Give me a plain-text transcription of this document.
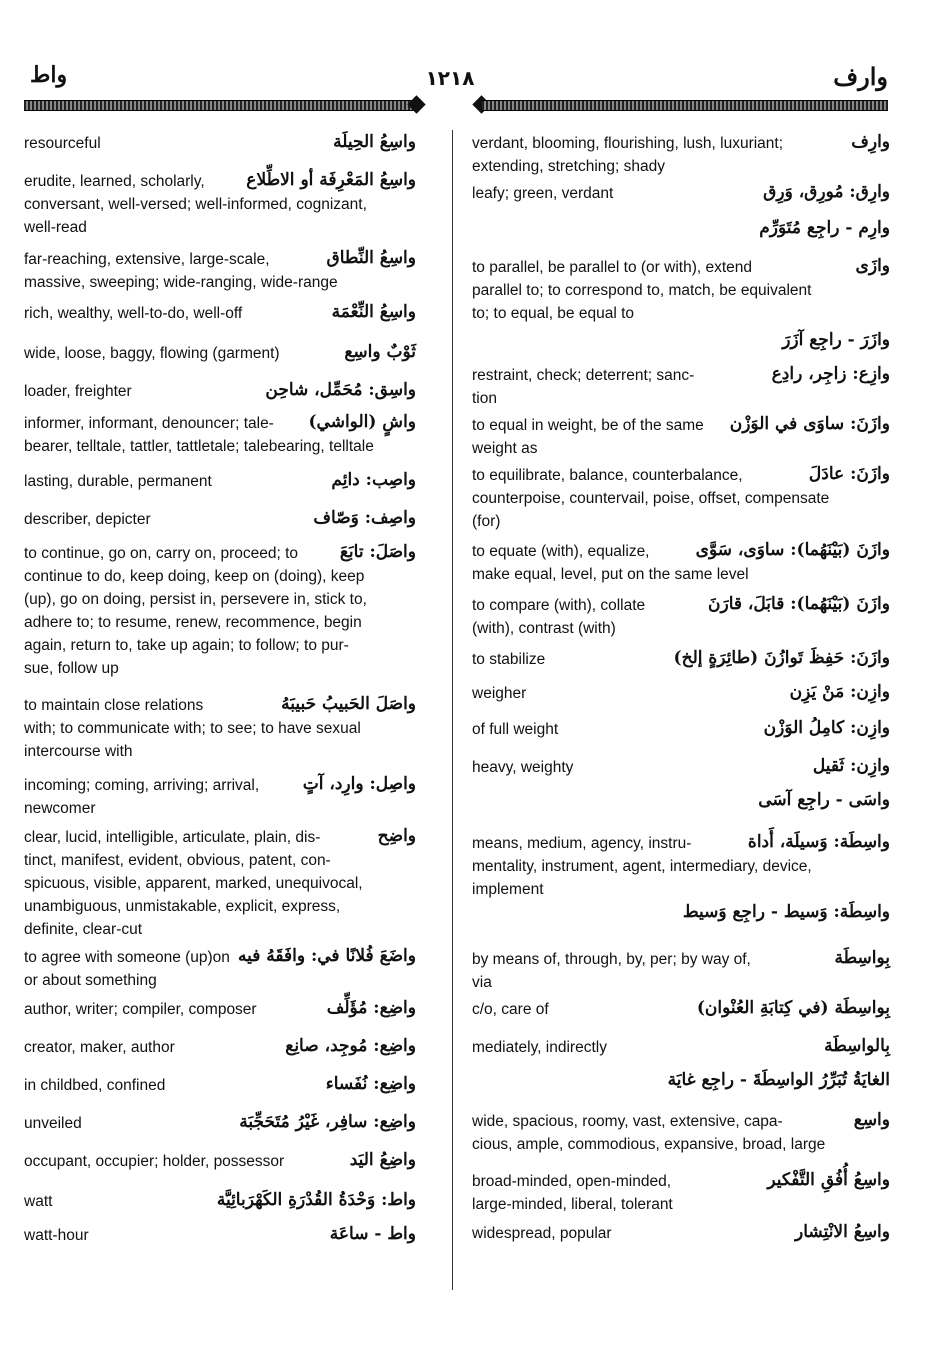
واط	١٢١٨	وارف
واسِعُ الحِيلَة

resourceful

واسِعُ المَعْرِفَة أو الاطِّلاع

erudite, learned, scholarly,
conversant, well-versed; well-informed, cognizant,
well-read

واسِعُ النِّطاق

far-reaching, extensive, large-scale,
massive, sweeping; wide-ranging, wide-range

واسِعُ النِّعْمَة

rich, wealthy, well-to-do, well-off

ثَوْبٌ واسِع

wide, loose, baggy, flowing (garment)

واسِق: مُحَمِّل، شاحِن

loader, freighter

واشٍ (الواشي)

informer, informant, denouncer; tale-
bearer, telltale, tattler, tattletale; talebearing, telltale

واصِب: دائِم

lasting, durable, permanent

واصِف: وَصّاف

describer, depicter

واصَلَ: تابَعَ

to continue, go on, carry on, proceed; to
continue to do, keep doing, keep on (doing), keep
(up), go on doing, persist in, persevere in, stick to,
adhere to; to resume, renew, recommence, begin
again, return to, take up again; to follow; to pur-
sue, follow up

واصَلَ الحَبيبُ حَبيبَهُ

to maintain close relations
with; to communicate with; to see; to have sexual
intercourse with

واصِل: وارِد، آتٍ

incoming; coming, arriving; arrival,
newcomer

واضِح

clear, lucid, intelligible, articulate, plain, dis-
tinct, manifest, evident, obvious, patent, con-
spicuous, visible, apparent, marked, unequivocal,
unambiguous, unmistakable, explicit, express,
definite, clear-cut

واضَعَ فُلانًا في: وافَقَهُ فيه

to agree with someone (up)on
or about something

واضِع: مُؤَلِّف

author, writer; compiler, composer

واضِع: مُوجِد، صانِع

creator, maker, author

واضِع: نُفَساء

in childbed, confined

واضِع: سافِر، غَيْرُ مُتَحَجِّبَة

unveiled

واضِعُ اليَد

occupant, occupier; holder, possessor

واط: وَحْدَةُ القُدْرَةِ الكَهْرَبائِيَّة

watt

واط - ساعَة

watt-hour

وارِف

verdant, blooming, flourishing, lush, luxuriant;
extending, stretching; shady

وارِق: مُورِق، وَرِق

leafy; green, verdant

وارِم - راجِع مُتَوَرِّم

وازَى

to parallel, be parallel to (or with), extend
parallel to; to correspond to, match, be equivalent
to; to equal, be equal to

وازَرَ - راجِع آزَرَ

وازِع: زاجِر، رادِع

restraint, check; deterrent; sanc-
tion

وازَنَ: ساوَى في الوَزْن

to equal in weight, be of the same
weight as

وازَنَ: عادَلَ

to equilibrate, balance, counterbalance,
counterpoise, countervail, poise, offset, compensate
(for)

وازَنَ (بَيْنَهُما): ساوَى، سَوَّى

to equate (with), equalize,
make equal, level, put on the same level

وازَنَ (بَيْنَهُما): قابَلَ، قارَنَ

to compare (with), collate
(with), contrast (with)

وازَنَ: حَفِظَ تَوازُنَ (طائِرَةٍ إلخ)

to stabilize

وازِن: مَنْ يَزِن

weigher

وازِن: كامِلُ الوَزْن

of full weight

وازِن: ثَقيل

heavy, weighty

واسَى - راجِع آسَى

واسِطَة: وَسيلَة، أَداة

means, medium, agency, instru-
mentality, instrument, agent, intermediary, device,
implement

واسِطَة: وَسيط - راجِع وَسيط

بِواسِطَة

by means of, through, by, per; by way of,
via

بِواسِطَة (في كِتابَةِ العُنْوان)

c/o, care of

بِالواسِطَة

mediately, indirectly

الغايَةُ تُبَرِّرُ الواسِطَةَ - راجِع غايَة

واسِع

wide, spacious, roomy, vast, extensive, capa-
cious, ample, commodious, expansive, broad, large

واسِعُ أُفُقِ التَّفْكير

broad-minded, open-minded,
large-minded, liberal, tolerant

واسِعُ الانْتِشار

widespread, popular
